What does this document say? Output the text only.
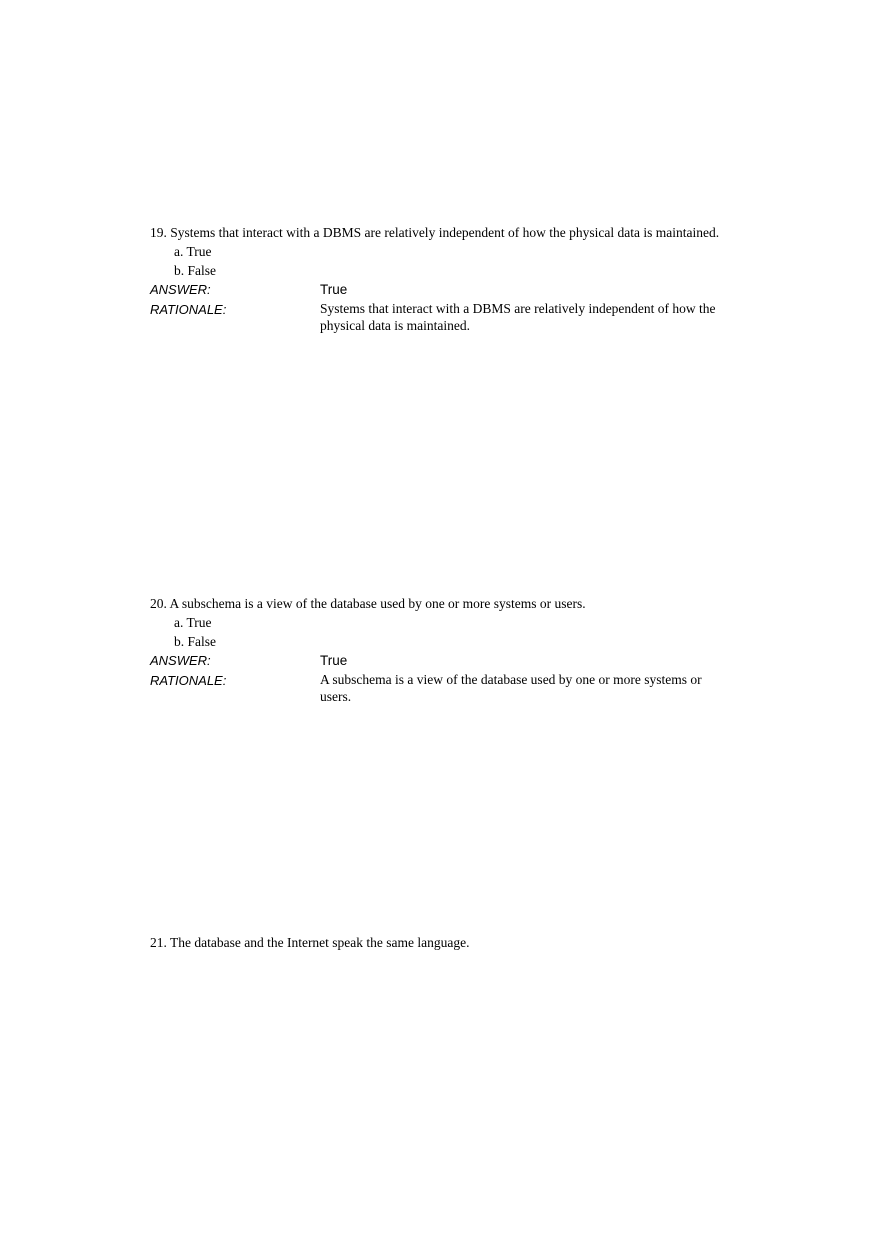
19. Systems that interact with a DBMS are relatively independent of how the physical data is maintained.
a. True
b. False
ANSWER:	True
RATIONALE:	Systems that interact with a DBMS are relatively independent of how the physical data is maintained.
20. A subschema is a view of the database used by one or more systems or users.
a. True
b. False
ANSWER:	True
RATIONALE:	A subschema is a view of the database used by one or more systems or users.
21. The database and the Internet speak the same language.
